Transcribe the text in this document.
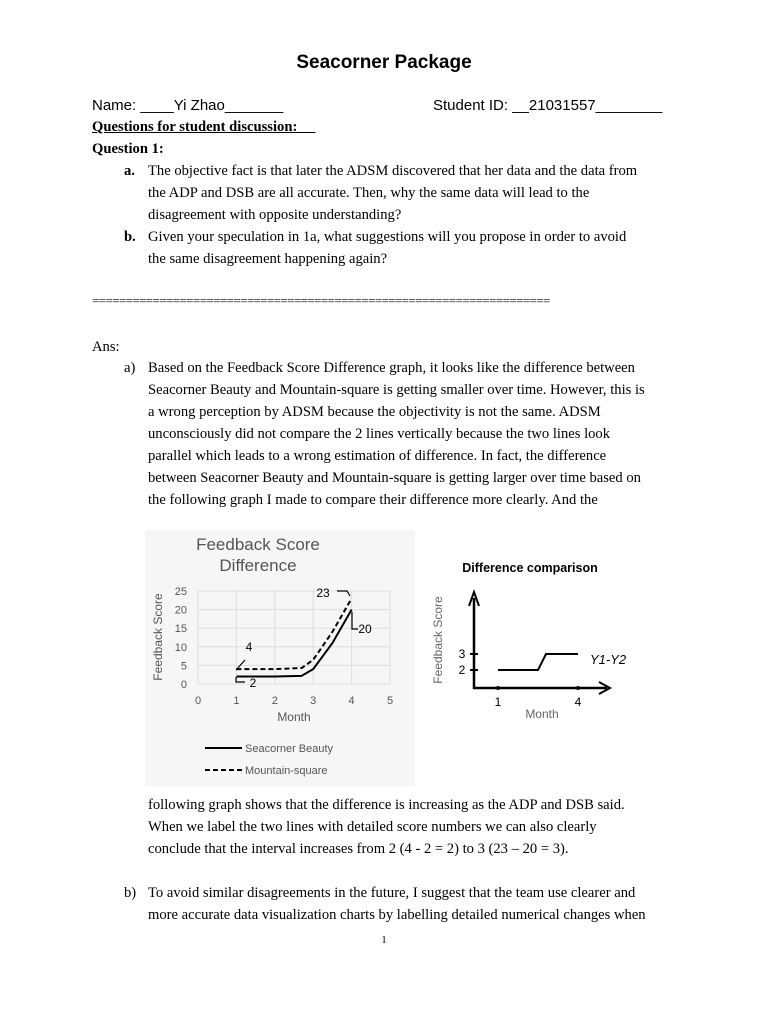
Seacorner Package
Name: ____Yi Zhao_______	Student ID: __21031557________
Questions for student discussion:
Question 1:
a. The objective fact is that later the ADSM discovered that her data and the data from
the ADP and DSB are all accurate. Then, why the same data will lead to the
disagreement with opposite understanding?
b. Given your speculation in 1a, what suggestions will you propose in order to avoid
the same disagreement happening again?
====================================================================
Ans:
a) Based on the Feedback Score Difference graph, it looks like the difference between
Seacorner Beauty and Mountain-square is getting smaller over time. However, this is
a wrong perception by ADSM because the objectivity is not the same. ADSM
unconsciously did not compare the 2 lines vertically because the two lines look
parallel which leads to a wrong estimation of difference. In fact, the difference
between Seacorner Beauty and Mountain-square is getting larger over time based on
the following graph I made to compare their difference more clearly. And the
following graph shows that the difference is increasing as the ADP and DSB said.
When we label the two lines with detailed score numbers we can also clearly
conclude that the interval increases from 2 (4 - 2 = 2) to 3 (23 – 20 = 3).
b) To avoid similar disagreements in the future, I suggest that the team use clearer and
more accurate data visualization charts by labelling detailed numerical changes when
Feedback Score
Difference
0	1	2	3	4	5
0
5
10
15
20
25
Month
Feedback Score
Seacorner Beauty
Mountain-square
4
2
23
20
Difference comparison
1	4
2
3	Y1-Y2
Month
Feedback Score
1
